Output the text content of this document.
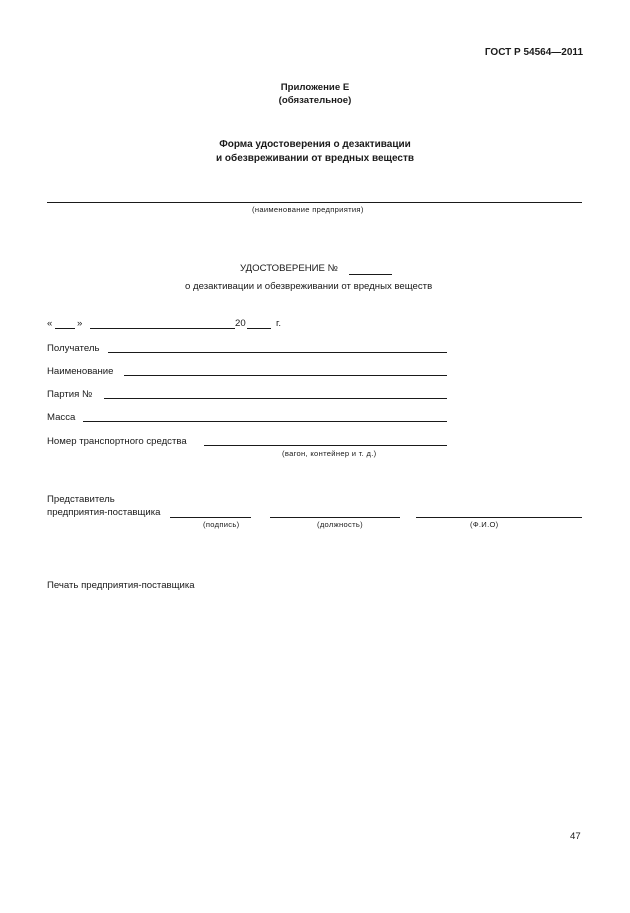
ГОСТ Р 54564—2011
Приложение Е
(обязательное)
Форма удостоверения о дезактивации
и обезвреживании от вредных веществ
(наименование предприятия)
УДОСТОВЕРЕНИЕ №
о дезактивации и обезвреживании от вредных веществ
«	»	20	г.
Получатель
Наименование
Партия №
Масса
Номер транспортного средства
(вагон, контейнер и т. д.)
Представитель
предприятия-поставщика
(подпись)	(должность)	(Ф.И.О)
Печать предприятия-поставщика
47
